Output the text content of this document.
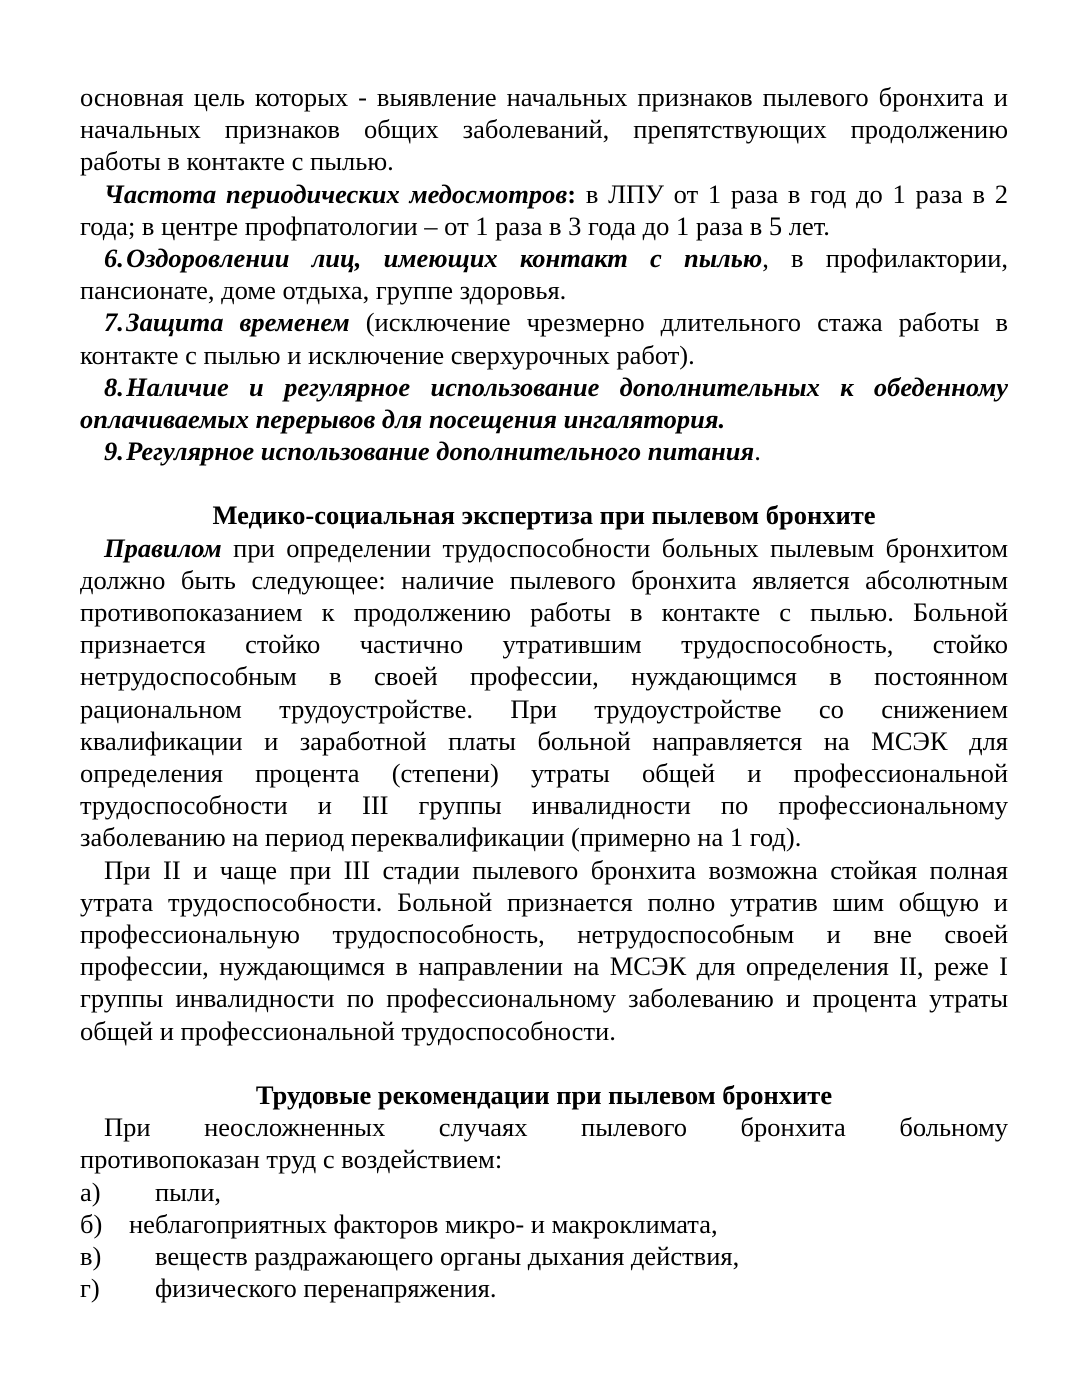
основная цель которых - выявление начальных признаков пылевого бронхита и начальных признаков общих заболеваний, препятствующих продолжению работы в контакте с пылью.

Частота периодических медосмотров: в ЛПУ от 1 раза в год до 1 раза в 2 года; в центре профпатологии – от 1 раза в 3 года до 1 раза в 5 лет.

6. Оздоровлении лиц, имеющих контакт с пылью, в профилактории, пансионате, доме отдыха, группе здоровья.

7. Защита временем (исключение чрезмерно длительного стажа работы в контакте с пылью и исключение сверхурочных работ).

8. Наличие и регулярное использование дополнительных к обеденному оплачиваемых перерывов для посещения ингалятория.

9. Регулярное использование дополнительного питания.

Медико-социальная экспертиза при пылевом бронхите

Правилом при определении трудоспособности больных пылевым бронхитом должно быть следующее: наличие пылевого бронхита является абсолютным противопоказанием к продолжению работы в контакте с пылью. Больной признается стойко частично утратившим трудоспособность, стойко нетрудоспособным в своей профессии, нуждающимся в постоянном рациональном трудоустройстве. При трудоустройстве со снижением квалификации и заработной платы больной направляется на МСЭК для определения процента (степени) утраты общей и профессиональной трудоспособности и III группы инвалидности по профессиональному заболеванию на период переквалификации (примерно на 1 год).

При II и чаще при III стадии пылевого бронхита возможна стойкая полная утрата трудоспособности. Больной признается полно утратив шим общую и профессиональную трудоспособность, нетрудоспособным и вне своей профессии, нуждающимся в направлении на МСЭК для определения II, реже I группы инвалидности по профессиональному заболеванию и процента утраты общей и профессиональной трудоспособности.

Трудовые рекомендации при пылевом бронхите

При неосложненных случаях пылевого бронхита больному

противопоказан труд с воздействием:

а)	пыли,
б)	неблагоприятных факторов микро- и макроклимата,
в)	веществ раздражающего органы дыхания действия,
г)	физического перенапряжения.
